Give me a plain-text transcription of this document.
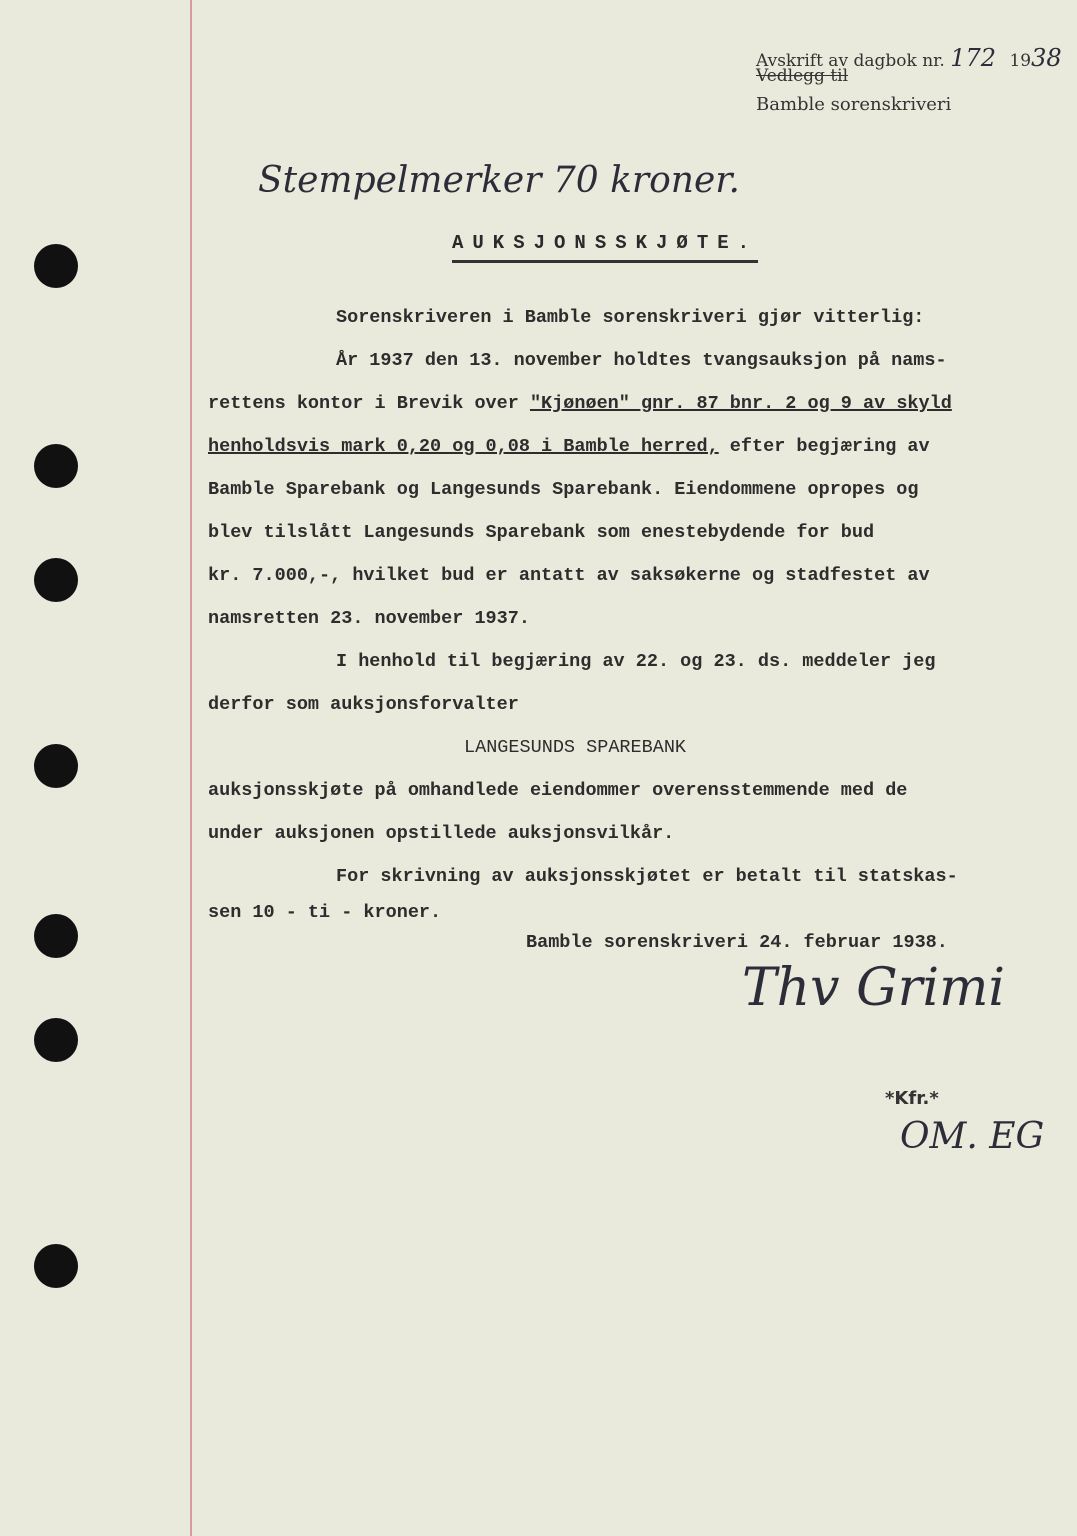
Avskrift av dagbok nr. 172 1938
Vedlegg til
Bamble sorenskriveri
Stempelmerker 70 kroner.
AUKSJONSSKJØTE.

Sorenskriveren i Bamble sorenskriveri gjør vitterlig:

År 1937 den 13. november holdtes tvangsauksjon på nams-

rettens kontor i Brevik over "Kjønøen" gnr. 87 bnr. 2 og 9 av skyld

henholdsvis mark 0,20 og 0,08 i Bamble herred, efter begjæring av

Bamble Sparebank og Langesunds Sparebank. Eiendommene opropes og

blev tilslått Langesunds Sparebank som enestebydende for bud

kr. 7.000,-, hvilket bud er antatt av saksøkerne og stadfestet av

namsretten 23. november 1937.

I henhold til begjæring av 22. og 23. ds. meddeler jeg

derfor som auksjonsforvalter

LANGESUNDS SPAREBANK

auksjonsskjøte på omhandlede eiendommer overensstemmende med de

under auksjonen opstillede auksjonsvilkår.

For skrivning av auksjonsskjøtet er betalt til statskas-

sen 10 - ti - kroner.

Bamble sorenskriveri 24. februar 1938.

Thv Grimi
*Kfr.*
OM. EG
